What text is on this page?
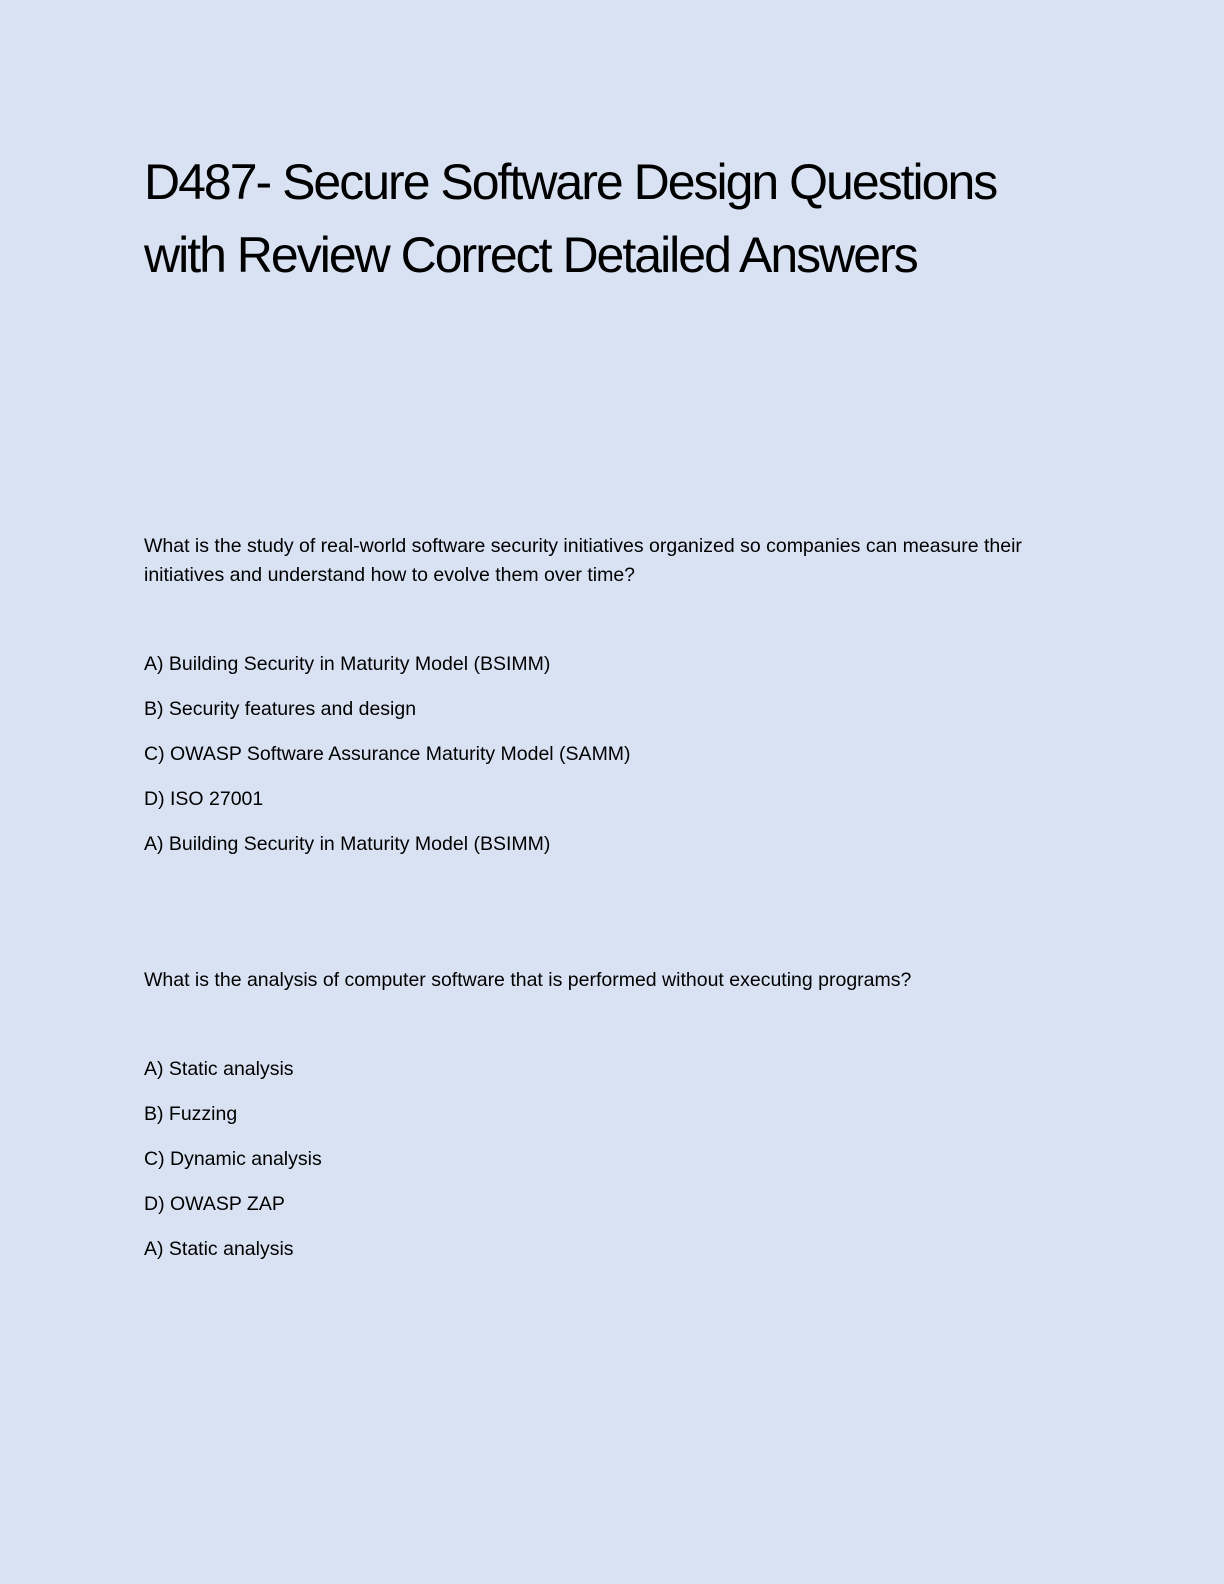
D487- Secure Software Design Questions
with Review Correct Detailed Answers

What is the study of real-world software security initiatives organized so companies can measure their initiatives and understand how to evolve them over time?

A) Building Security in Maturity Model (BSIMM)

B) Security features and design

C) OWASP Software Assurance Maturity Model (SAMM)

D) ISO 27001

A) Building Security in Maturity Model (BSIMM)

What is the analysis of computer software that is performed without executing programs?

A) Static analysis

B) Fuzzing

C) Dynamic analysis

D) OWASP ZAP

A) Static analysis
